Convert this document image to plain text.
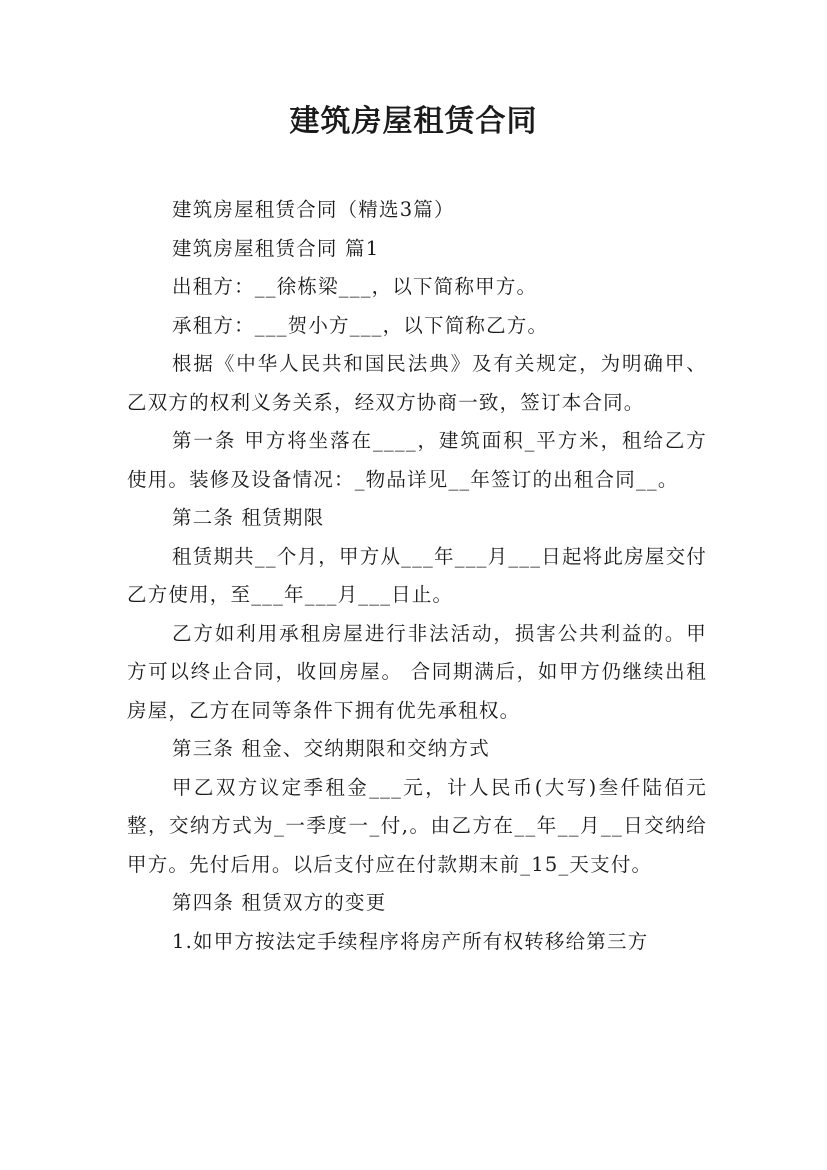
建筑房屋租赁合同

建筑房屋租赁合同（精选3篇）

建筑房屋租赁合同 篇1

出租方：__徐栋梁___，以下简称甲方。

承租方：___贺小方___，以下简称乙方。

根据《中华人民共和国民法典》及有关规定，为明确甲、乙双方的权利义务关系，经双方协商一致，签订本合同。

第一条 甲方将坐落在____，建筑面积_平方米，租给乙方使用。装修及设备情况：_物品详见__年签订的出租合同__。

第二条 租赁期限

租赁期共__个月，甲方从___年___月___日起将此房屋交付乙方使用，至___年___月___日止。

乙方如利用承租房屋进行非法活动，损害公共利益的。甲方可以终止合同，收回房屋。 合同期满后，如甲方仍继续出租房屋，乙方在同等条件下拥有优先承租权。

第三条 租金、交纳期限和交纳方式

甲乙双方议定季租金___元，计人民币(大写)叁仟陆佰元整，交纳方式为_一季度一_付,。由乙方在__年__月__日交纳给甲方。先付后用。以后支付应在付款期末前_15_天支付。

第四条 租赁双方的变更

1.如甲方按法定手续程序将房产所有权转移给第三方
